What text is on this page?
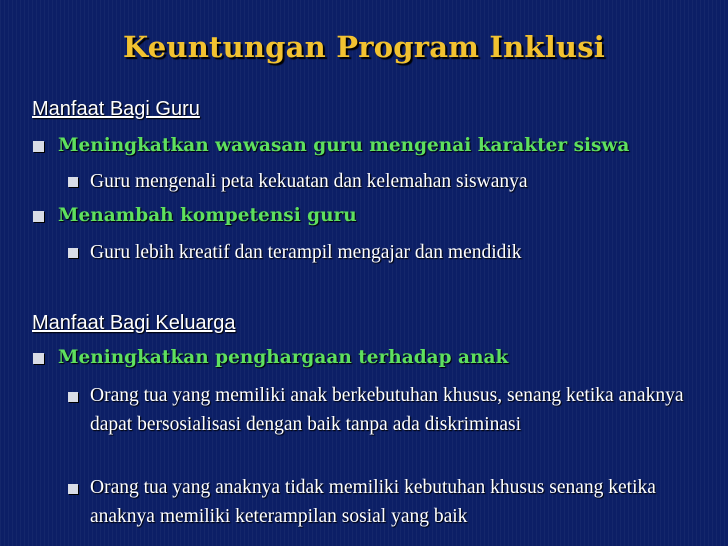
Keuntungan Program Inklusi
Manfaat Bagi Guru
Meningkatkan wawasan guru mengenai karakter siswa
Guru mengenali peta kekuatan dan kelemahan siswanya
Menambah kompetensi guru
Guru lebih kreatif dan terampil mengajar dan mendidik
Manfaat Bagi Keluarga
Meningkatkan penghargaan terhadap anak
Orang tua yang memiliki anak berkebutuhan khusus, senang ketika anaknya dapat bersosialisasi dengan baik tanpa ada diskriminasi
Orang tua yang anaknya tidak memiliki kebutuhan khusus senang ketika anaknya memiliki keterampilan sosial yang baik
